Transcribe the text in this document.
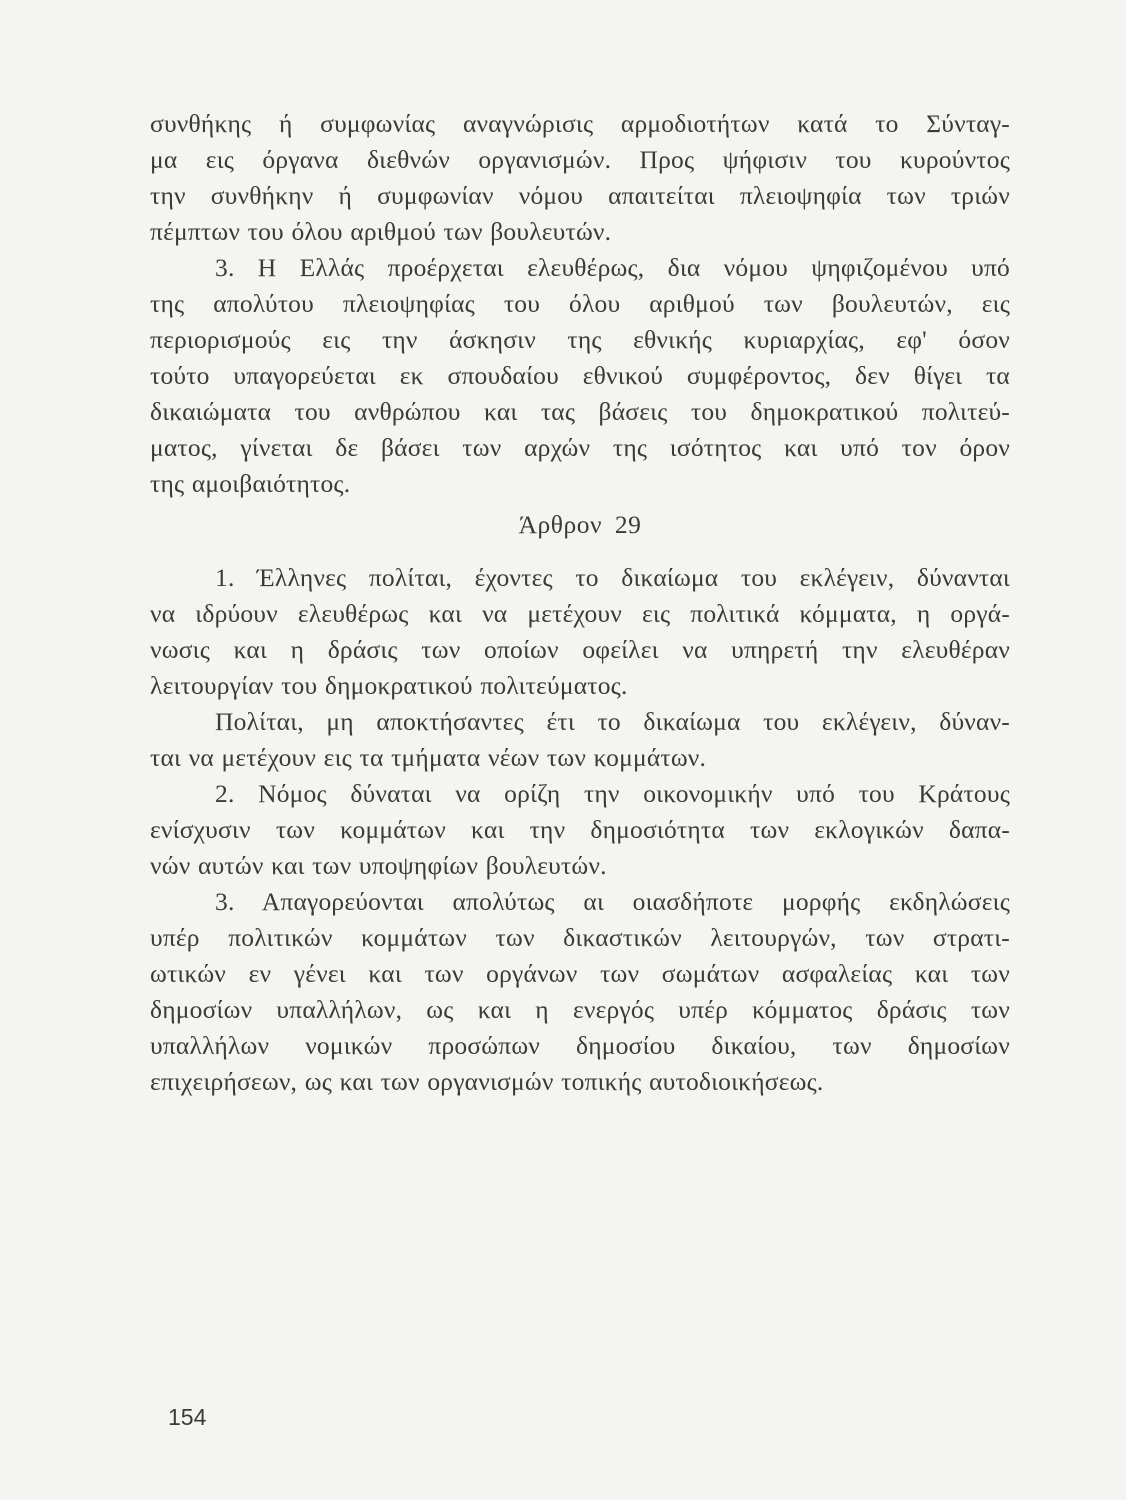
συνθήκης ή συμφωνίας αναγνώρισις αρμοδιοτήτων κατά το Σύνταγ-
μα εις όργανα διεθνών οργανισμών. Προς ψήφισιν του κυρούντος
την συνθήκην ή συμφωνίαν νόμου απαιτείται πλειοψηφία των τριών
πέμπτων του όλου αριθμού των βουλευτών.
3. Η Ελλάς προέρχεται ελευθέρως, δια νόμου ψηφιζομένου υπό
της απολύτου πλειοψηφίας του όλου αριθμού των βουλευτών, εις
περιορισμούς εις την άσκησιν της εθνικής κυριαρχίας, εφ' όσον
τούτο υπαγορεύεται εκ σπουδαίου εθνικού συμφέροντος, δεν θίγει τα
δικαιώματα του ανθρώπου και τας βάσεις του δημοκρατικού πολιτεύ-
ματος, γίνεται δε βάσει των αρχών της ισότητος και υπό τον όρον
της αμοιβαιότητος.
Άρθρον 29
1. Έλληνες πολίται, έχοντες το δικαίωμα του εκλέγειν, δύνανται
να ιδρύουν ελευθέρως και να μετέχουν εις πολιτικά κόμματα, η οργά-
νωσις και η δράσις των οποίων οφείλει να υπηρετή την ελευθέραν
λειτουργίαν του δημοκρατικού πολιτεύματος.
Πολίται, μη αποκτήσαντες έτι το δικαίωμα του εκλέγειν, δύναν-
ται να μετέχουν εις τα τμήματα νέων των κομμάτων.
2. Νόμος δύναται να ορίζη την οικονομικήν υπό του Κράτους
ενίσχυσιν των κομμάτων και την δημοσιότητα των εκλογικών δαπα-
νών αυτών και των υποψηφίων βουλευτών.
3. Απαγορεύονται απολύτως αι οιασδήποτε μορφής εκδηλώσεις
υπέρ πολιτικών κομμάτων των δικαστικών λειτουργών, των στρατι-
ωτικών εν γένει και των οργάνων των σωμάτων ασφαλείας και των
δημοσίων υπαλλήλων, ως και η ενεργός υπέρ κόμματος δράσις των
υπαλλήλων νομικών προσώπων δημοσίου δικαίου, των δημοσίων
επιχειρήσεων, ως και των οργανισμών τοπικής αυτοδιοικήσεως.
154
